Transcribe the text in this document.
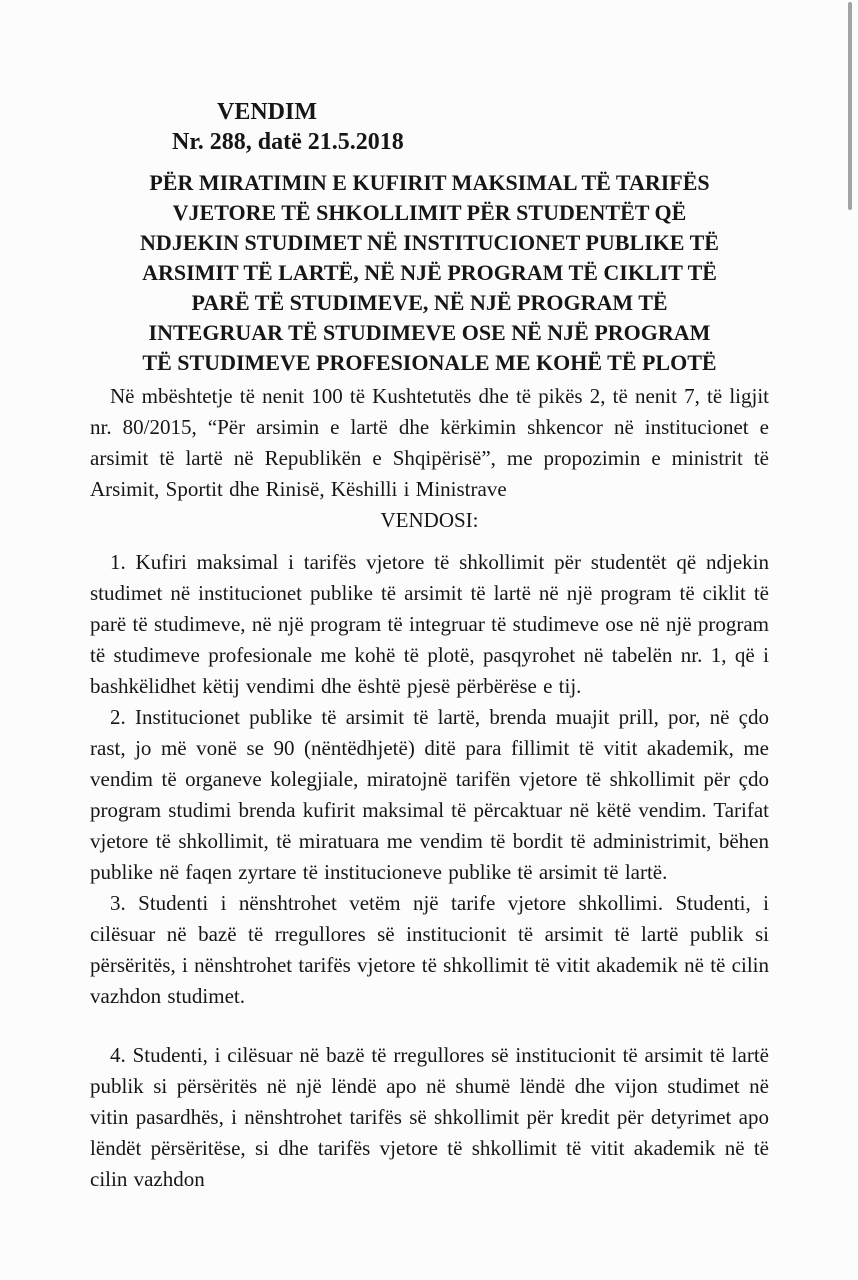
VENDIM
Nr. 288, datë 21.5.2018
PËR MIRATIMIN E KUFIRIT MAKSIMAL TË TARIFËS
VJETORE TË SHKOLLIMIT PËR STUDENTËT QË
NDJEKIN STUDIMET NË INSTITUCIONET PUBLIKE TË
ARSIMIT TË LARTË, NË NJË PROGRAM TË CIKLIT TË
PARË TË STUDIMEVE, NË NJË PROGRAM TË
INTEGRUAR TË STUDIMEVE OSE NË NJË PROGRAM
TË STUDIMEVE PROFESIONALE ME KOHË TË PLOTË

Në mbështetje të nenit 100 të Kushtetutës dhe të pikës 2, të nenit 7, të ligjit nr. 80/2015, “Për arsimin e lartë dhe kërkimin shkencor në institucionet e arsimit të lartë në Republikën e Shqipërisë”, me propozimin e ministrit të Arsimit, Sportit dhe Rinisë, Këshilli i Ministrave

VENDOSI:

1. Kufiri maksimal i tarifës vjetore të shkollimit për studentët që ndjekin studimet në institucionet publike të arsimit të lartë në një program të ciklit të parë të studimeve, në një program të integruar të studimeve ose në një program të studimeve profesionale me kohë të plotë, pasqyrohet në tabelën nr. 1, që i bashkëlidhet këtij vendimi dhe është pjesë përbërëse e tij.

2. Institucionet publike të arsimit të lartë, brenda muajit prill, por, në çdo rast, jo më vonë se 90 (nëntëdhjetë) ditë para fillimit të vitit akademik, me vendim të organeve kolegjiale, miratojnë tarifën vjetore të shkollimit për çdo program studimi brenda kufirit maksimal të përcaktuar në këtë vendim. Tarifat vjetore të shkollimit, të miratuara me vendim të bordit të administrimit, bëhen publike në faqen zyrtare të institucioneve publike të arsimit të lartë.

3. Studenti i nënshtrohet vetëm një tarife vjetore shkollimi. Studenti, i cilësuar në bazë të rregullores së institucionit të arsimit të lartë publik si përsëritës, i nënshtrohet tarifës vjetore të shkollimit të vitit akademik në të cilin vazhdon studimet.

4. Studenti, i cilësuar në bazë të rregullores së institucionit të arsimit të lartë publik si përsëritës në një lëndë apo në shumë lëndë dhe vijon studimet në vitin pasardhës, i nënshtrohet tarifës së shkollimit për kredit për detyrimet apo lëndët përsëritëse, si dhe tarifës vjetore të shkollimit të vitit akademik në të cilin vazhdon
